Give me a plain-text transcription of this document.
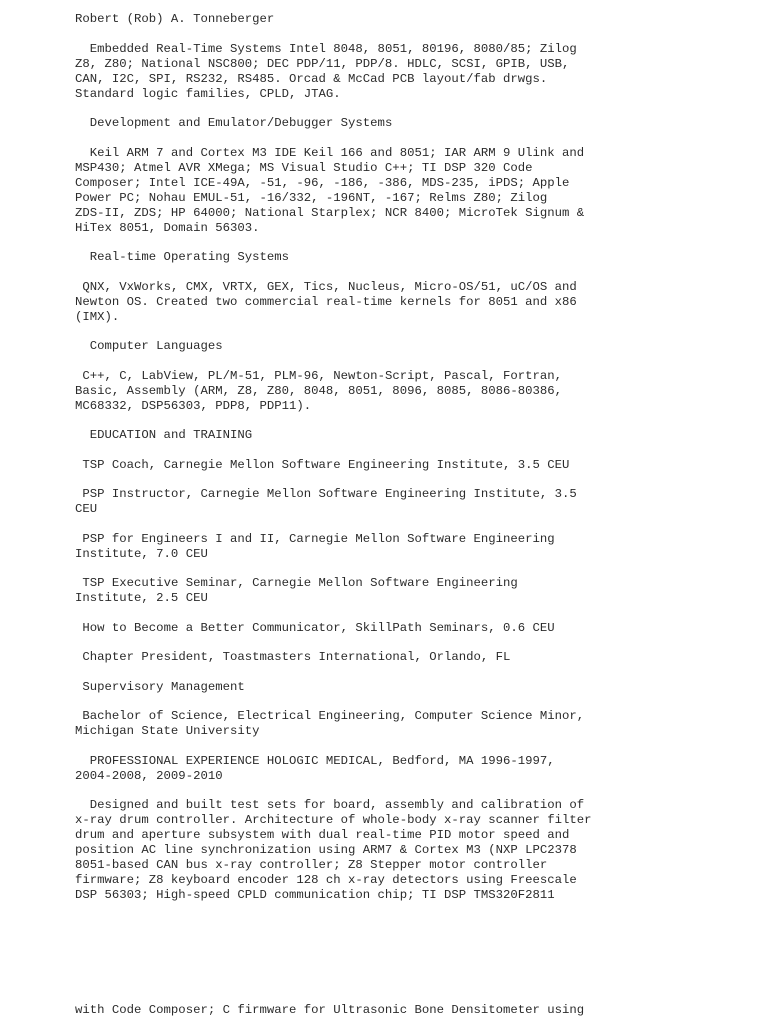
Robert (Rob) A. Tonneberger

Embedded Real-Time Systems Intel 8048, 8051, 80196, 8080/85; Zilog
Z8, Z80; National NSC800; DEC PDP/11, PDP/8. HDLC, SCSI, GPIB, USB,
CAN, I2C, SPI, RS232, RS485. Orcad & McCad PCB layout/fab drwgs.
Standard logic families, CPLD, JTAG.

Development and Emulator/Debugger Systems

Keil ARM 7 and Cortex M3 IDE Keil 166 and 8051; IAR ARM 9 Ulink and
MSP430; Atmel AVR XMega; MS Visual Studio C++; TI DSP 320 Code
Composer; Intel ICE-49A, -51, -96, -186, -386, MDS-235, iPDS; Apple
Power PC; Nohau EMUL-51, -16/332, -196NT, -167; Relms Z80; Zilog
ZDS-II, ZDS; HP 64000; National Starplex; NCR 8400; MicroTek Signum &
HiTex 8051, Domain 56303.

Real-time Operating Systems

QNX, VxWorks, CMX, VRTX, GEX, Tics, Nucleus, Micro-OS/51, uC/OS and
Newton OS. Created two commercial real-time kernels for 8051 and x86
(IMX).

Computer Languages

C++, C, LabView, PL/M-51, PLM-96, Newton-Script, Pascal, Fortran,
Basic, Assembly (ARM, Z8, Z80, 8048, 8051, 8096, 8085, 8086-80386,
MC68332, DSP56303, PDP8, PDP11).

EDUCATION and TRAINING

TSP Coach, Carnegie Mellon Software Engineering Institute, 3.5 CEU

PSP Instructor, Carnegie Mellon Software Engineering Institute, 3.5
CEU

PSP for Engineers I and II, Carnegie Mellon Software Engineering
Institute, 7.0 CEU

TSP Executive Seminar, Carnegie Mellon Software Engineering
Institute, 2.5 CEU

How to Become a Better Communicator, SkillPath Seminars, 0.6 CEU

Chapter President, Toastmasters International, Orlando, FL

Supervisory Management

Bachelor of Science, Electrical Engineering, Computer Science Minor,
Michigan State University

PROFESSIONAL EXPERIENCE HOLOGIC MEDICAL, Bedford, MA 1996-1997,
2004-2008, 2009-2010

Designed and built test sets for board, assembly and calibration of
x-ray drum controller. Architecture of whole-body x-ray scanner filter
drum and aperture subsystem with dual real-time PID motor speed and
position AC line synchronization using ARM7 & Cortex M3 (NXP LPC2378
8051-based CAN bus x-ray controller; Z8 Stepper motor controller
firmware; Z8 keyboard encoder 128 ch x-ray detectors using Freescale
DSP 56303; High-speed CPLD communication chip; TI DSP TMS320F2811

with Code Composer; C firmware for Ultrasonic Bone Densitometer using
